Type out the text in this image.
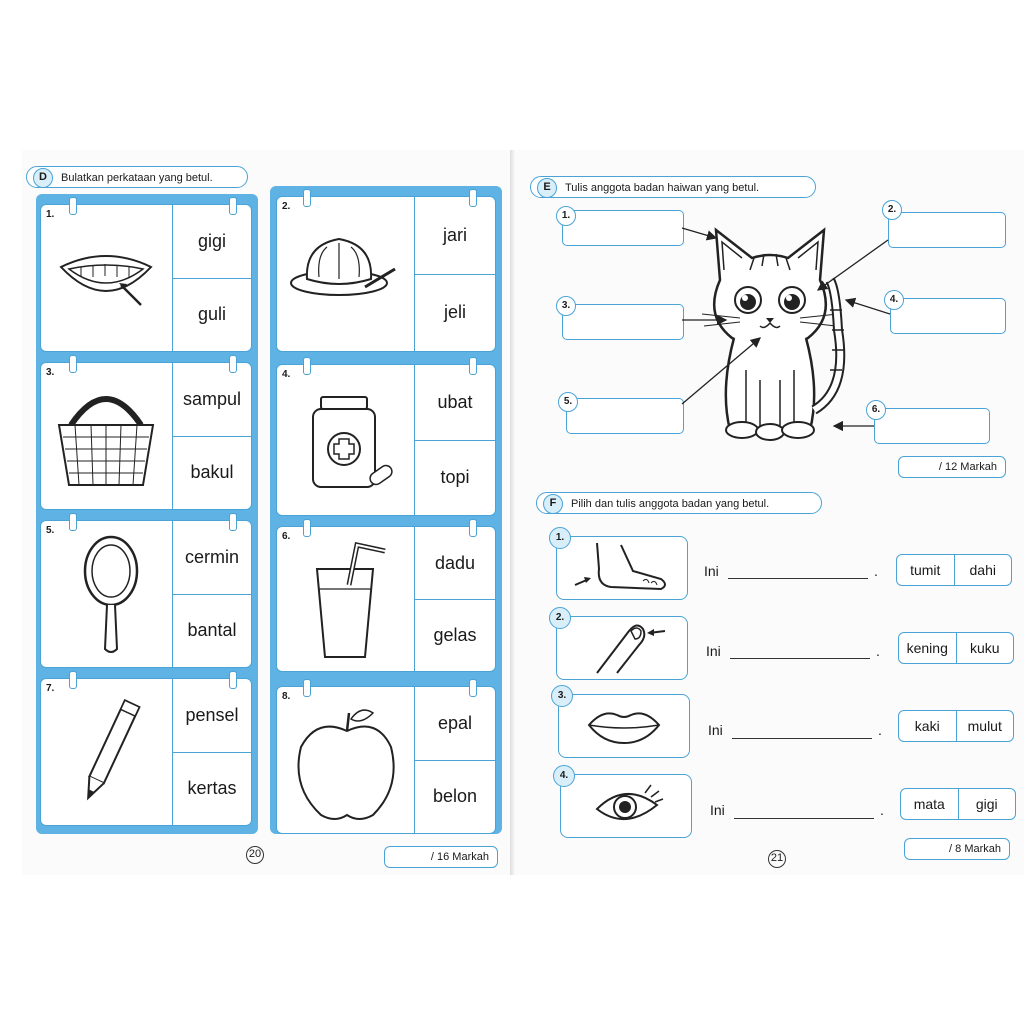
D	Bulatkan perkataan yang betul.
1.
gigi
guli
2.
jari
jeli
3.
sampul
bakul
4.
ubat
topi
5.
cermin
bantal
6.
dadu
gelas
7.
pensel
kertas
8.
epal
belon
20	/ 16 Markah
E	Tulis anggota badan haiwan yang betul.
1.
2.
3.
4.
5.
6.
/ 12 Markah
F	Pilih dan tulis anggota badan yang betul.
1.
Ini	.	tumit	dahi
2.
Ini	.	kening	kuku
3.
Ini	.	kaki	mulut
4.
Ini	.	mata	gigi
21
/ 8 Markah
